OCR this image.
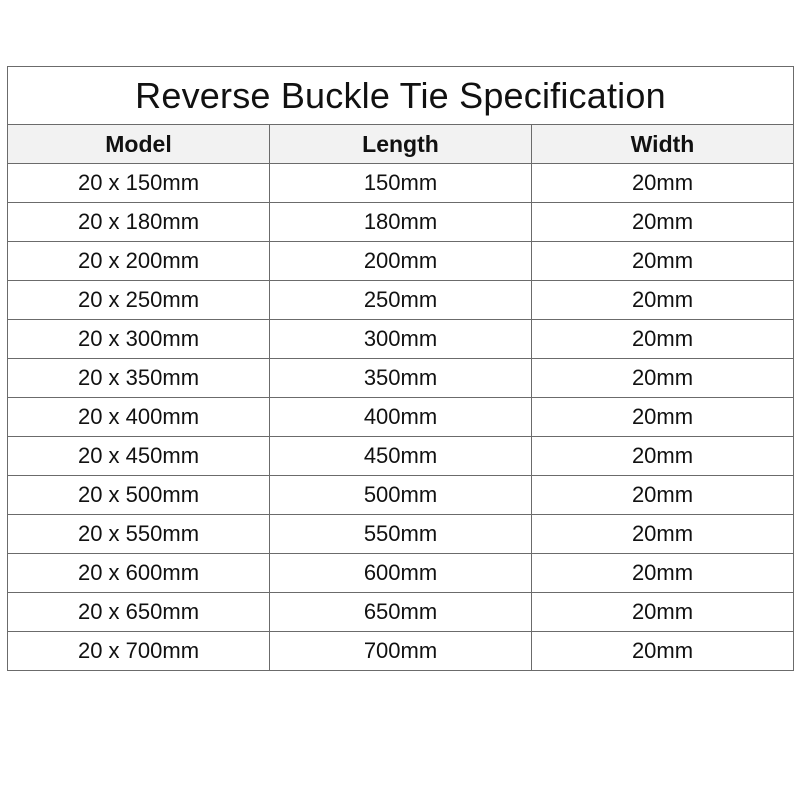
Reverse Buckle Tie Specification		
Model	Length	Width
20 x 150mm	150mm	20mm
20 x 180mm	180mm	20mm
20 x 200mm	200mm	20mm
20 x 250mm	250mm	20mm
20 x 300mm	300mm	20mm
20 x 350mm	350mm	20mm
20 x 400mm	400mm	20mm
20 x 450mm	450mm	20mm
20 x 500mm	500mm	20mm
20 x 550mm	550mm	20mm
20 x 600mm	600mm	20mm
20 x 650mm	650mm	20mm
20 x 700mm	700mm	20mm
